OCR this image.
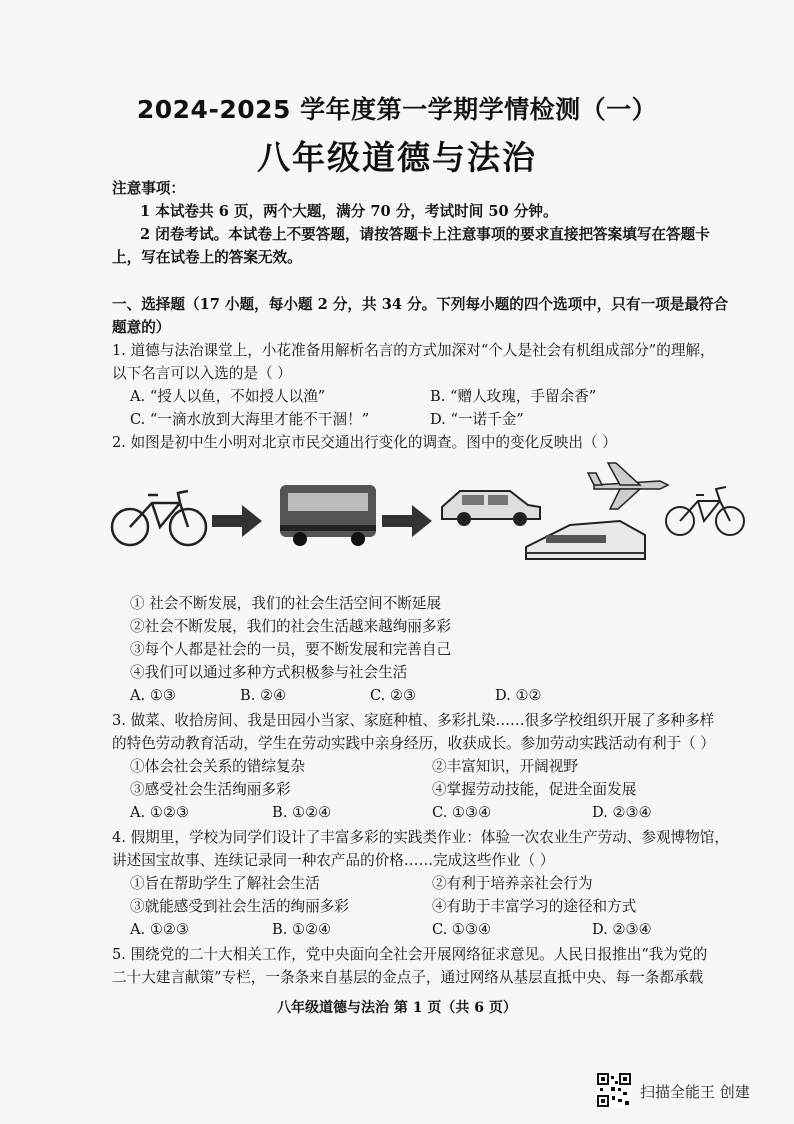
2024-2025 学年度第一学期学情检测（一）
八年级道德与法治
注意事项：
1 本试卷共 6 页，两个大题，满分 70 分，考试时间 50 分钟。
2 闭卷考试。本试卷上不要答题，请按答题卡上注意事项的要求直接把答案填写在答题卡
上，写在试卷上的答案无效。
一、选择题（17 小题，每小题 2 分，共 34 分。下列每小题的四个选项中，只有一项是最符合
题意的）
1. 道德与法治课堂上，小花准备用解析名言的方式加深对“个人是社会有机组成部分”的理解，
以下名言可以入选的是（ ）
A. “授人以鱼，不如授人以渔”	B. “赠人玫瑰，手留余香”
C. “一滴水放到大海里才能不干涸！”	D. “一诺千金”
2. 如图是初中生小明对北京市民交通出行变化的调查。图中的变化反映出（ ）
① 社会不断发展，我们的社会生活空间不断延展
②社会不断发展，我们的社会生活越来越绚丽多彩
③每个人都是社会的一员，要不断发展和完善自己
④我们可以通过多种方式积极参与社会生活
A. ①③	B. ②④	C. ②③	D. ①②
3. 做菜、收拾房间、我是田园小当家、家庭种植、多彩扎染……很多学校组织开展了多种多样
的特色劳动教育活动，学生在劳动实践中亲身经历，收获成长。参加劳动实践活动有利于（ ）
①体会社会关系的错综复杂	②丰富知识，开阔视野
③感受社会生活绚丽多彩	④掌握劳动技能，促进全面发展
A. ①②③	B. ①②④	C. ①③④	D. ②③④
4. 假期里，学校为同学们设计了丰富多彩的实践类作业：体验一次农业生产劳动、参观博物馆，
讲述国宝故事、连续记录同一种农产品的价格……完成这些作业（ ）
①旨在帮助学生了解社会生活	②有利于培养亲社会行为
③就能感受到社会生活的绚丽多彩	④有助于丰富学习的途径和方式
A. ①②③	B. ①②④	C. ①③④	D. ②③④
5. 围绕党的二十大相关工作，党中央面向全社会开展网络征求意见。人民日报推出“我为党的
二十大建言献策”专栏，一条条来自基层的金点子，通过网络从基层直抵中央、每一条都承载
八年级道德与法治 第 1 页（共 6 页）
扫描全能王 创建
